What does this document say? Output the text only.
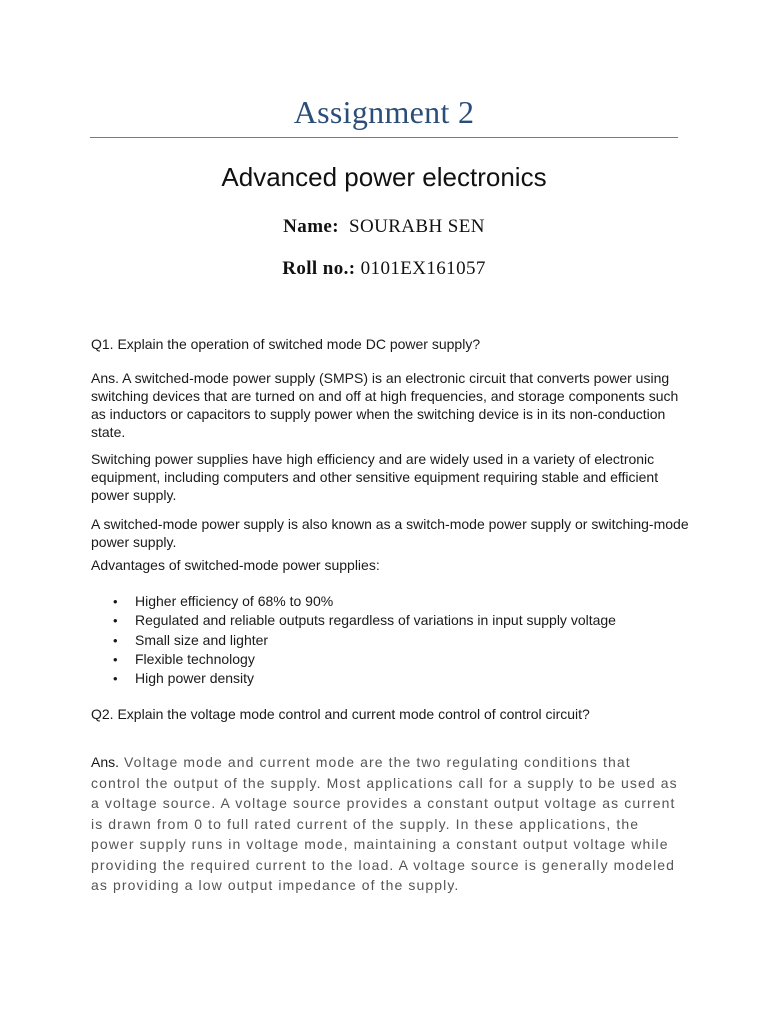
Assignment 2
Advanced power electronics
Name: SOURABH SEN
Roll no.: 0101EX161057

Q1. Explain the operation of switched mode DC power supply?

Ans. A switched-mode power supply (SMPS) is an electronic circuit that converts power using switching devices that are turned on and off at high frequencies, and storage components such as inductors or capacitors to supply power when the switching device is in its non-conduction state.

Switching power supplies have high efficiency and are widely used in a variety of electronic equipment, including computers and other sensitive equipment requiring stable and efficient power supply.

A switched-mode power supply is also known as a switch-mode power supply or switching-mode power supply.

Advantages of switched-mode power supplies:

• Higher efficiency of 68% to 90%
• Regulated and reliable outputs regardless of variations in input supply voltage
• Small size and lighter
• Flexible technology
• High power density

Q2. Explain the voltage mode control and current mode control of control circuit?

Ans. Voltage mode and current mode are the two regulating conditions that control the output of the supply. Most applications call for a supply to be used as a voltage source. A voltage source provides a constant output voltage as current is drawn from 0 to full rated current of the supply. In these applications, the power supply runs in voltage mode, maintaining a constant output voltage while providing the required current to the load. A voltage source is generally modeled as providing a low output impedance of the supply.
